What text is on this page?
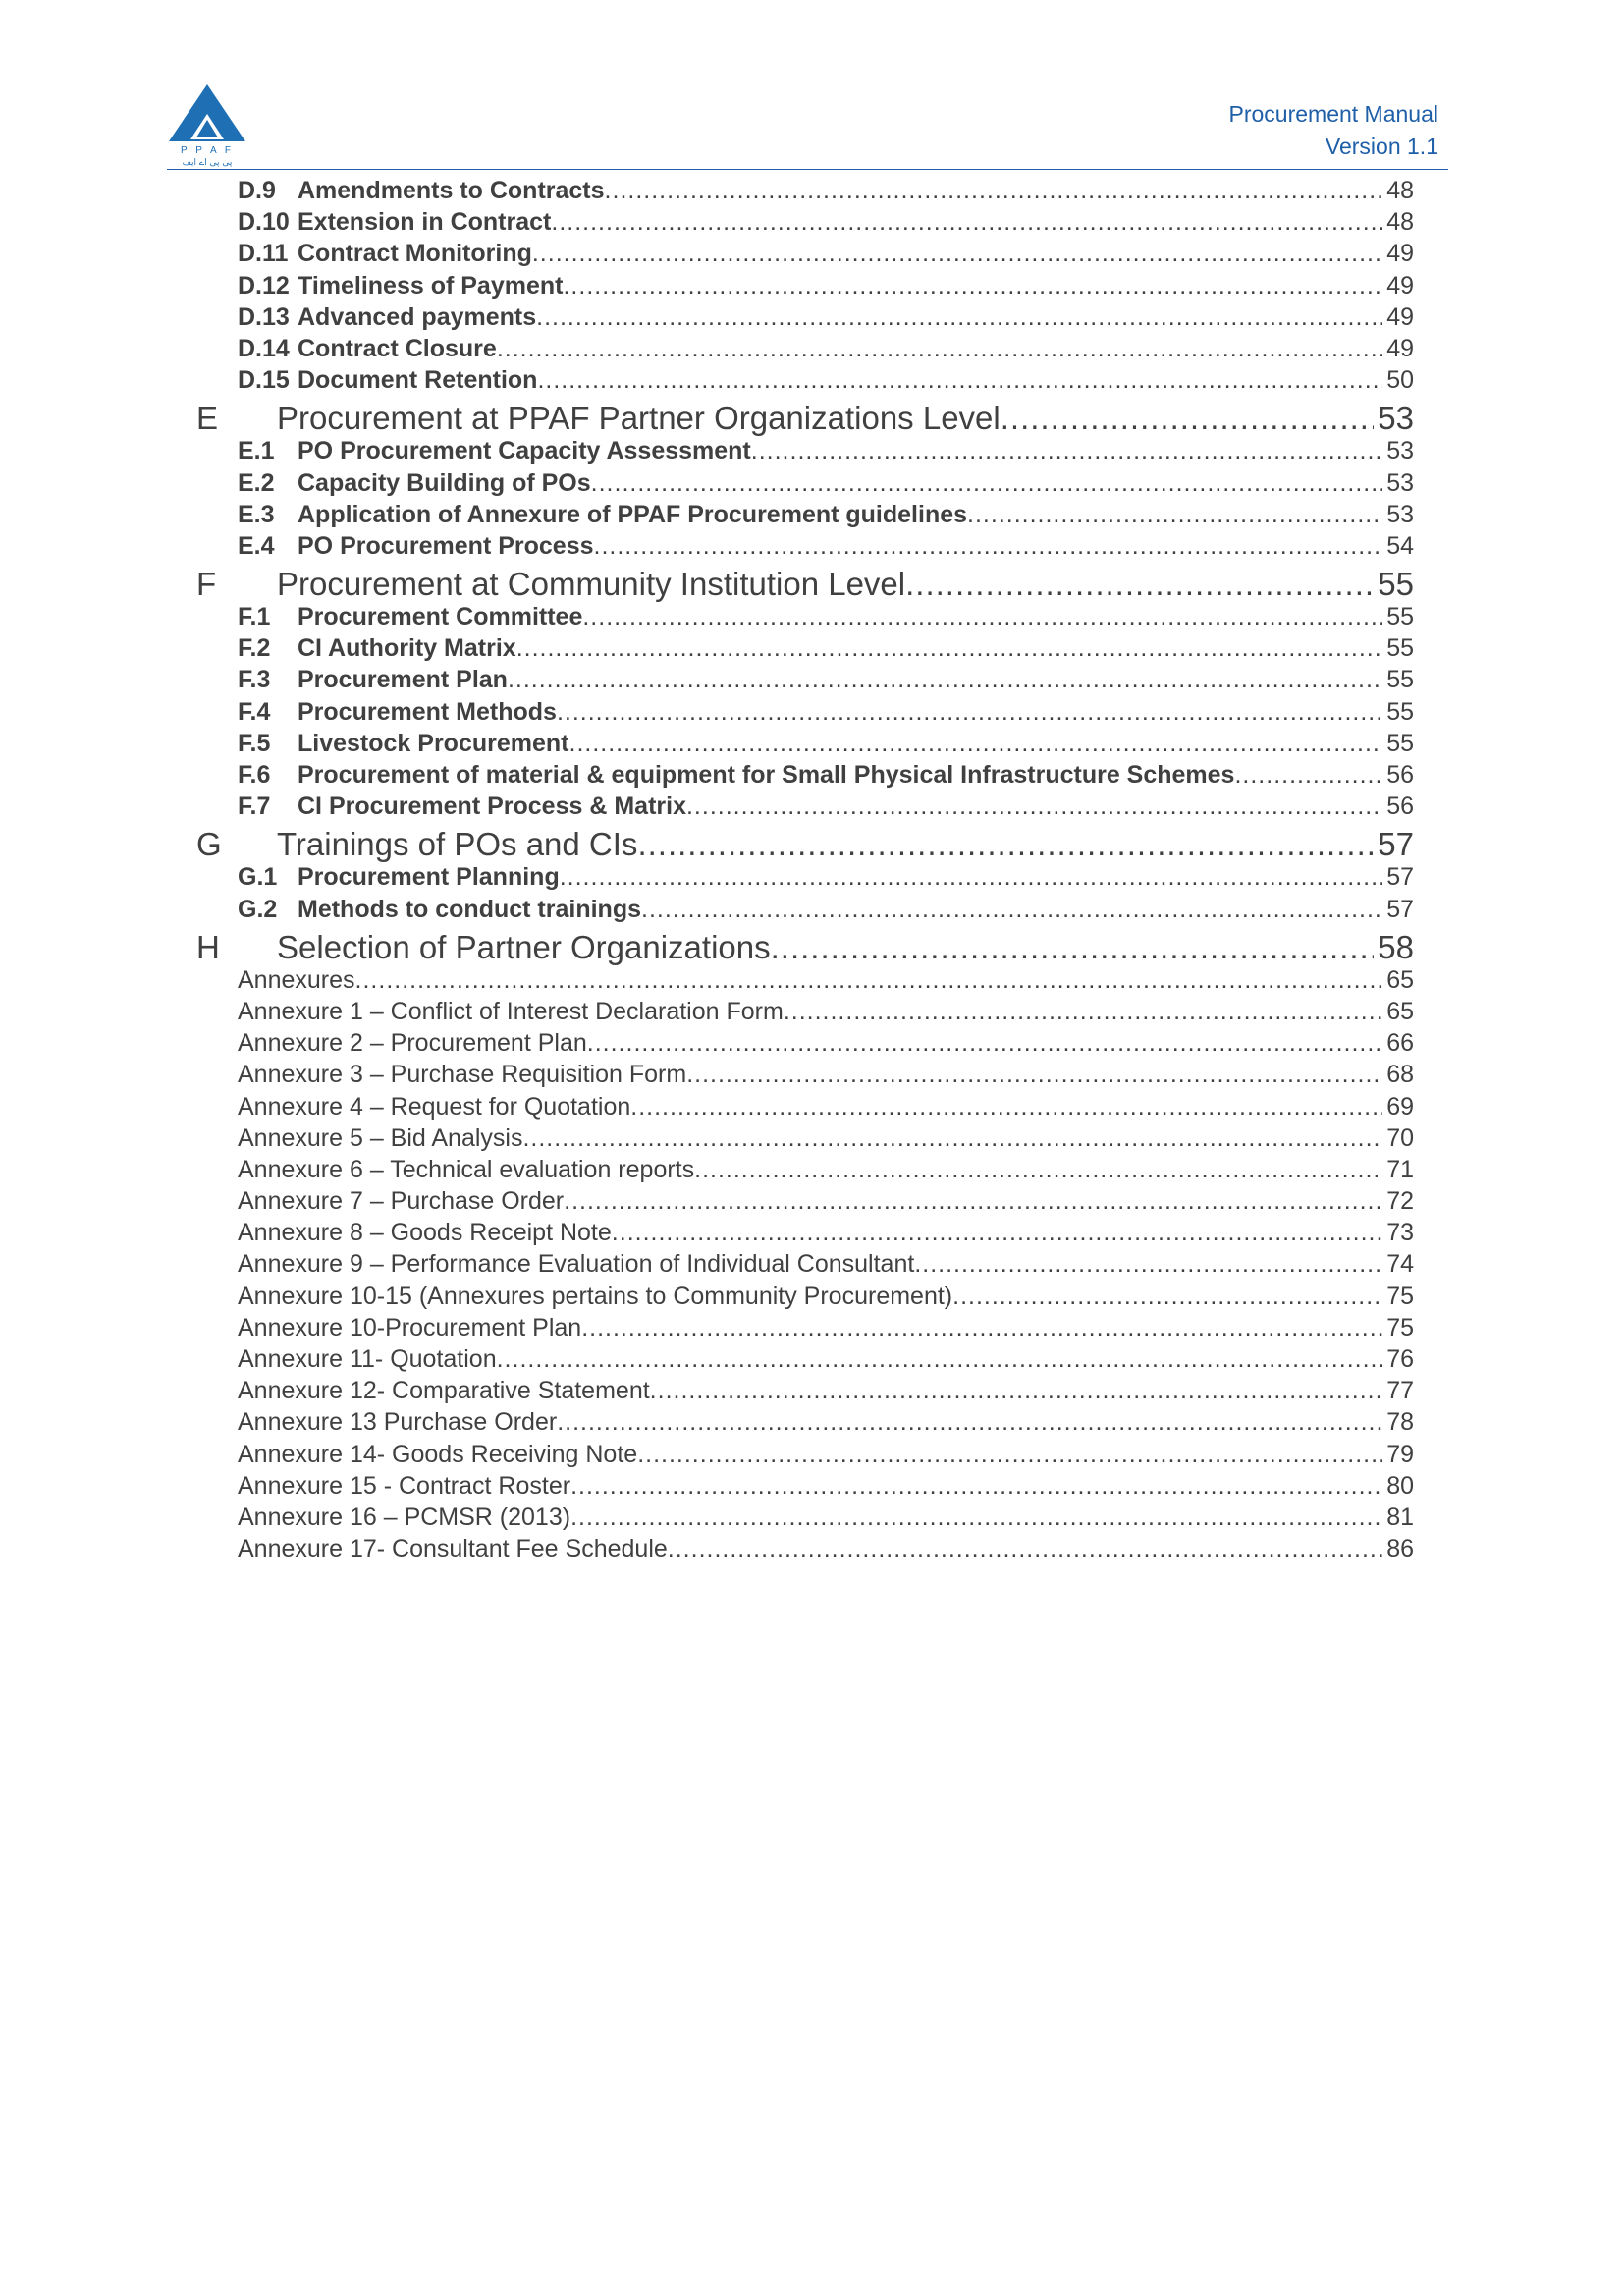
P P A F
پی پی اے ایف
Procurement Manual
Version 1.1
D.9 Amendments to Contracts .....	48
D.10 Extension in Contract .....	48
D.11 Contract Monitoring .....	49
D.12 Timeliness of Payment .....	49
D.13 Advanced payments .....	49
D.14 Contract Closure .....	49
D.15 Document Retention .....	50
E	Procurement at PPAF Partner Organizations Level .....	53
E.1 PO Procurement Capacity Assessment .....	53
E.2 Capacity Building of POs .....	53
E.3 Application of Annexure of PPAF Procurement guidelines .....	53
E.4 PO Procurement Process .....	54
F	Procurement at Community Institution Level .....	55
F.1	Procurement Committee .....	55
F.2	CI Authority Matrix .....	55
F.3	Procurement Plan .....	55
F.4	Procurement Methods .....	55
F.5	Livestock Procurement .....	55
F.6	Procurement of material & equipment for Small Physical Infrastructure Schemes .....	56
F.7	CI Procurement Process & Matrix .....	56
G	Trainings of POs and CIs .....	57
G.1 Procurement Planning .....	57
G.2 Methods to conduct trainings .....	57
H	Selection of Partner Organizations .....	58
Annexures .....	65
Annexure 1 – Conflict of Interest Declaration Form .....	65
Annexure 2 – Procurement Plan .....	66
Annexure 3 – Purchase Requisition Form .....	68
Annexure 4 – Request for Quotation .....	69
Annexure 5 – Bid Analysis .....	70
Annexure 6 – Technical evaluation reports .....	71
Annexure 7 – Purchase Order .....	72
Annexure 8 – Goods Receipt Note .....	73
Annexure 9 – Performance Evaluation of Individual Consultant .....	74
Annexure 10-15 (Annexures pertains to Community Procurement) .....	75
Annexure 10-Procurement Plan .....	75
Annexure 11- Quotation .....	76
Annexure 12- Comparative Statement .....	77
Annexure 13 Purchase Order .....	78
Annexure 14- Goods Receiving Note .....	79
Annexure 15 - Contract Roster .....	80
Annexure 16 – PCMSR (2013) .....	81
Annexure 17- Consultant Fee Schedule .....	86
